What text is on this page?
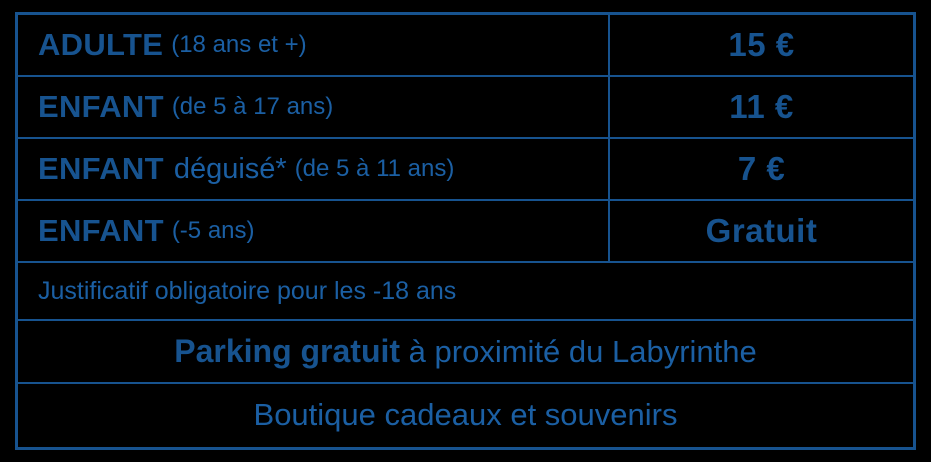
ADULTE (18 ans et +)	15 €
ENFANT (de 5 à 17 ans)	11 €
ENFANT déguisé* (de 5 à 11 ans)	7 €
ENFANT (-5 ans)	Gratuit
Justificatif obligatoire pour les -18 ans
Parking gratuit à proximité du Labyrinthe
Boutique cadeaux et souvenirs
